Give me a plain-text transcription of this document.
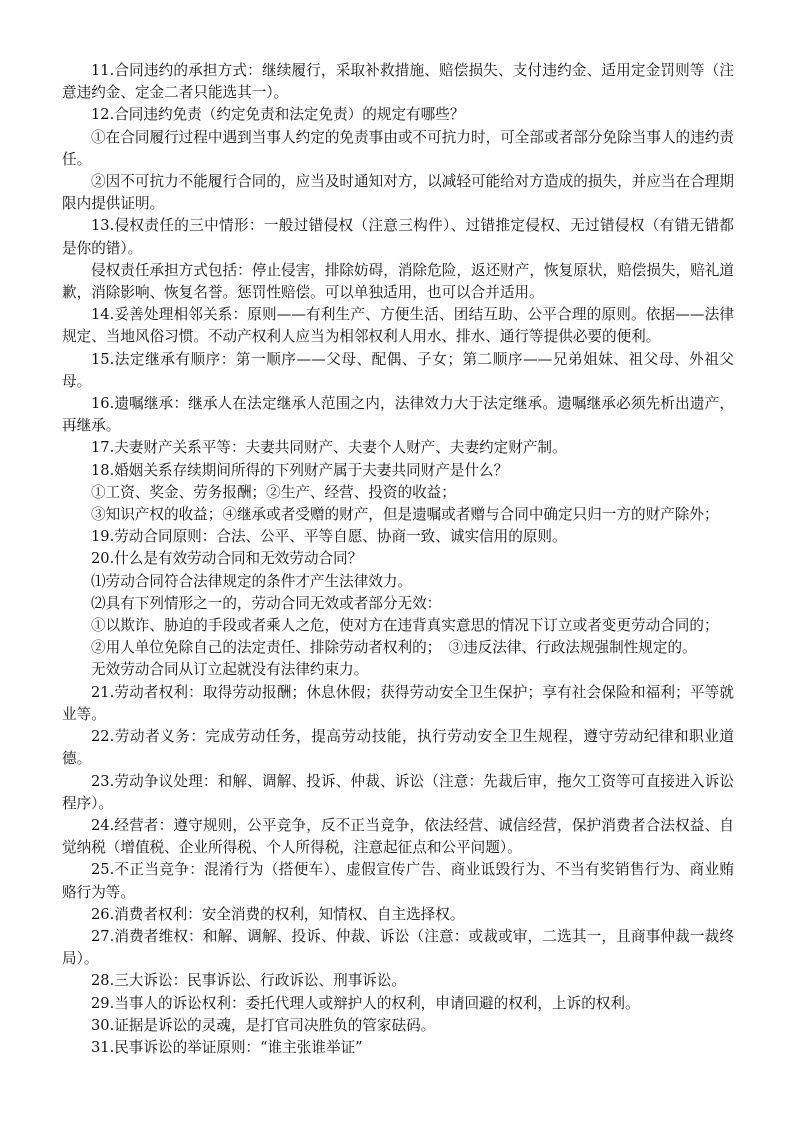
11.合同违约的承担方式：继续履行，采取补救措施、赔偿损失、支付违约金、适用定金罚则等（注意违约金、定金二者只能选其一）。

12.合同违约免责（约定免责和法定免责）的规定有哪些？

①在合同履行过程中遇到当事人约定的免责事由或不可抗力时，可全部或者部分免除当事人的违约责任。

②因不可抗力不能履行合同的，应当及时通知对方，以减轻可能给对方造成的损失，并应当在合理期限内提供证明。

13.侵权责任的三中情形：一般过错侵权（注意三构件）、过错推定侵权、无过错侵权（有错无错都是你的错）。

侵权责任承担方式包括：停止侵害，排除妨碍，消除危险，返还财产，恢复原状，赔偿损失，赔礼道歉，消除影响、恢复名誉。惩罚性赔偿。可以单独适用，也可以合并适用。

14.妥善处理相邻关系：原则——有利生产、方便生活、团结互助、公平合理的原则。依据——法律规定、当地风俗习惯。不动产权利人应当为相邻权利人用水、排水、通行等提供必要的便利。

15.法定继承有顺序：第一顺序——父母、配偶、子女；第二顺序——兄弟姐妹、祖父母、外祖父母。

16.遗嘱继承：继承人在法定继承人范围之内，法律效力大于法定继承。遗嘱继承必须先析出遗产，再继承。

17.夫妻财产关系平等：夫妻共同财产、夫妻个人财产、夫妻约定财产制。

18.婚姻关系存续期间所得的下列财产属于夫妻共同财产是什么？

①工资、奖金、劳务报酬；②生产、经营、投资的收益；

③知识产权的收益；④继承或者受赠的财产，但是遗嘱或者赠与合同中确定只归一方的财产除外；

19.劳动合同原则：合法、公平、平等自愿、协商一致、诚实信用的原则。

20.什么是有效劳动合同和无效劳动合同？

⑴劳动合同符合法律规定的条件才产生法律效力。

⑵具有下列情形之一的，劳动合同无效或者部分无效：

①以欺诈、胁迫的手段或者乘人之危，使对方在违背真实意思的情况下订立或者变更劳动合同的；

②用人单位免除自己的法定责任、排除劳动者权利的；　③违反法律、行政法规强制性规定的。

无效劳动合同从订立起就没有法律约束力。

21.劳动者权利：取得劳动报酬；休息休假；获得劳动安全卫生保护；享有社会保险和福利；平等就业等。

22.劳动者义务：完成劳动任务，提高劳动技能，执行劳动安全卫生规程，遵守劳动纪律和职业道德。

23.劳动争议处理：和解、调解、投诉、仲裁、诉讼（注意：先裁后审，拖欠工资等可直接进入诉讼程序）。

24.经营者：遵守规则，公平竞争，反不正当竞争，依法经营、诚信经营，保护消费者合法权益、自觉纳税（增值税、企业所得税、个人所得税，注意起征点和公平问题）。

25.不正当竞争：混淆行为（搭便车）、虚假宣传广告、商业诋毁行为、不当有奖销售行为、商业贿赂行为等。

26.消费者权利：安全消费的权利，知情权、自主选择权。

27.消费者维权：和解、调解、投诉、仲裁、诉讼（注意：或裁或审，二选其一，且商事仲裁一裁终局）。

28.三大诉讼：民事诉讼、行政诉讼、刑事诉讼。

29.当事人的诉讼权利：委托代理人或辩护人的权利，申请回避的权利，上诉的权利。

30.证据是诉讼的灵魂，是打官司决胜负的管家砝码。

31.民事诉讼的举证原则：“谁主张谁举证”
